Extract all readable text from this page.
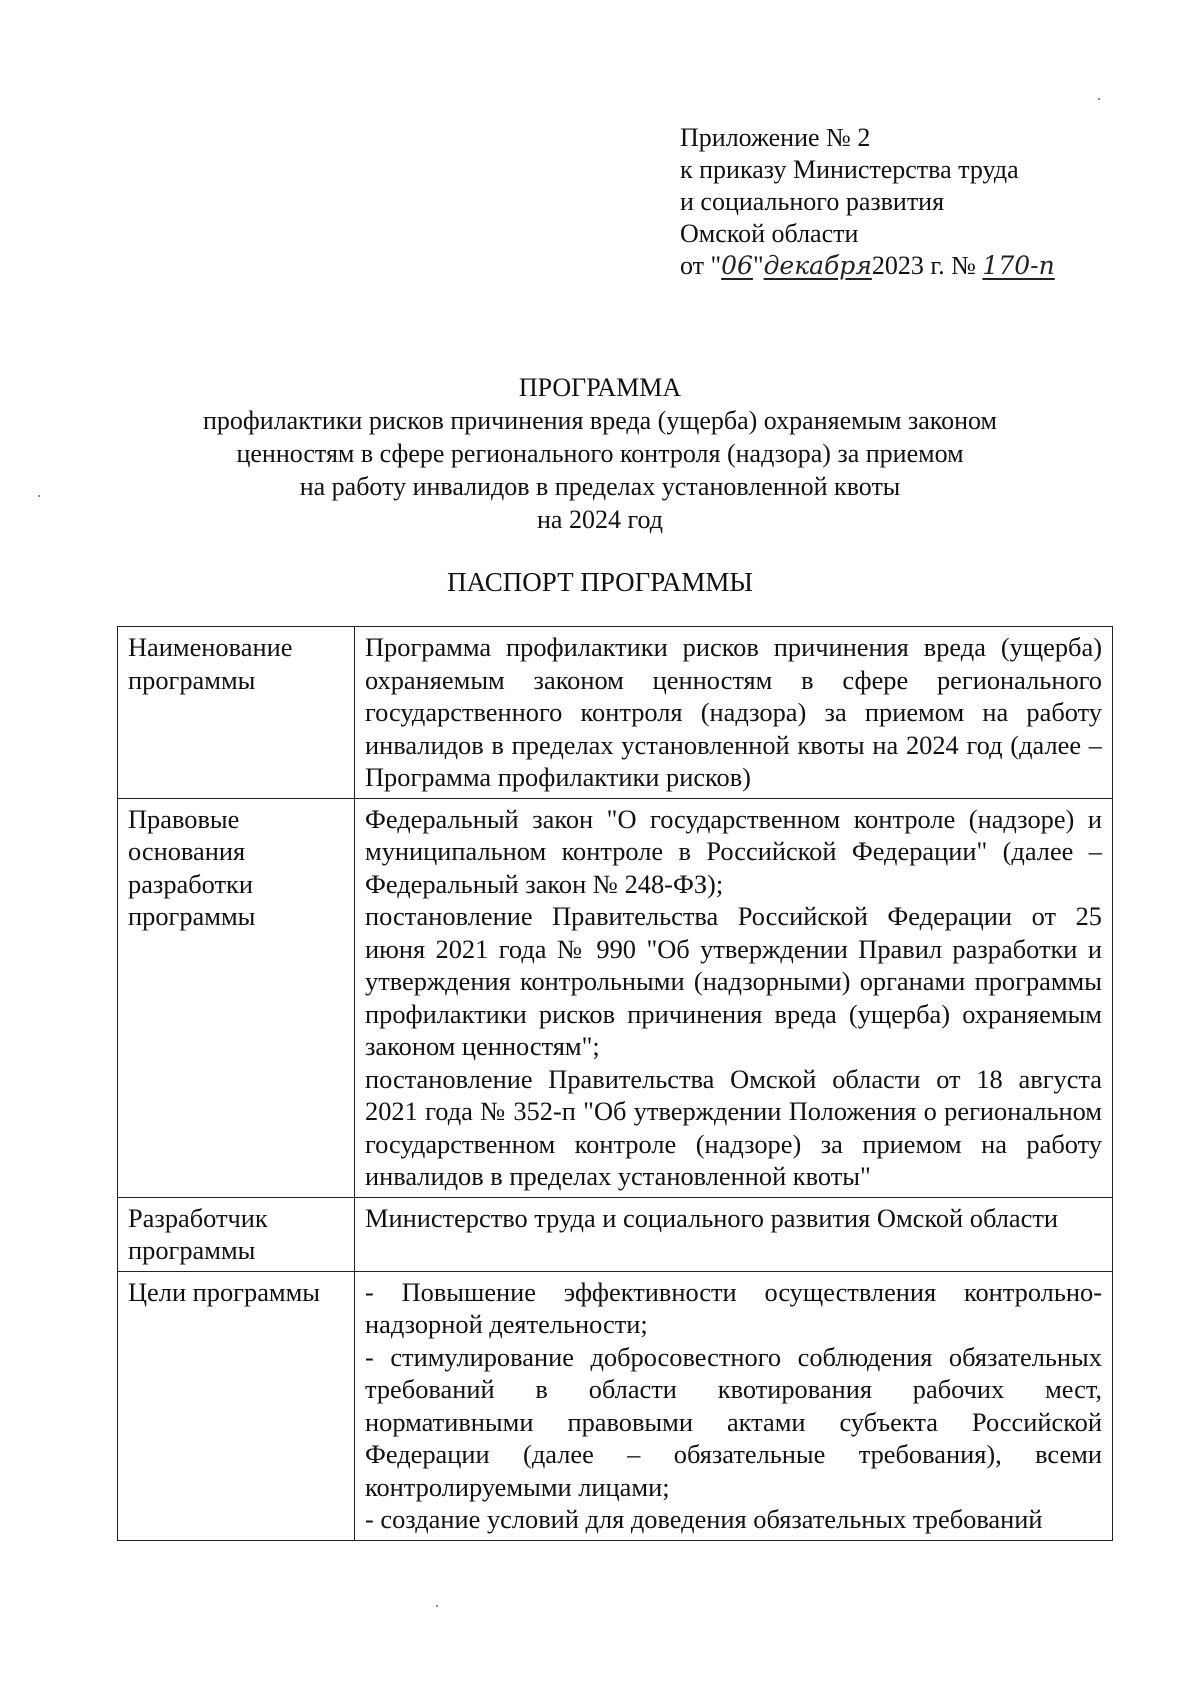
Приложение № 2
к приказу Министерства труда
и социального развития
Омской области
от "06"декабря2023 г. № 170-п
ПРОГРАММА
профилактики рисков причинения вреда (ущерба) охраняемым законом
ценностям в сфере регионального контроля (надзора) за приемом
на работу инвалидов в пределах установленной квоты
на 2024 год
ПАСПОРТ ПРОГРАММЫ
Наименование программы	Программа профилактики рисков причинения вреда (ущерба) охраняемым законом ценностям в сфере регионального государственного контроля (надзора) за приемом на работу инвалидов в пределах установленной квоты на 2024 год (далее – Программа профилактики рисков)

Правовые основания разработки программы	Федеральный закон "О государственном контроле (надзоре) и муниципальном контроле в Российской Федерации" (далее – Федеральный закон № 248-ФЗ);

постановление Правительства Российской Федерации от 25 июня 2021 года № 990 "Об утверждении Правил разработки и утверждения контрольными (надзорными) органами программы профилактики рисков причинения вреда (ущерба) охраняемым законом ценностям";

постановление Правительства Омской области от 18 августа 2021 года № 352-п "Об утверждении Положения о региональном государственном контроле (надзоре) за приемом на работу инвалидов в пределах установленной квоты"

Разработчик программы	Министерство труда и социального развития Омской области

Цели программы	- Повышение эффективности осуществления контрольно-надзорной деятельности;

- стимулирование добросовестного соблюдения обязательных требований в области квотирования рабочих мест, нормативными правовыми актами субъекта Российской Федерации (далее – обязательные требования), всеми контролируемыми лицами;

- создание условий для доведения обязательных требований
